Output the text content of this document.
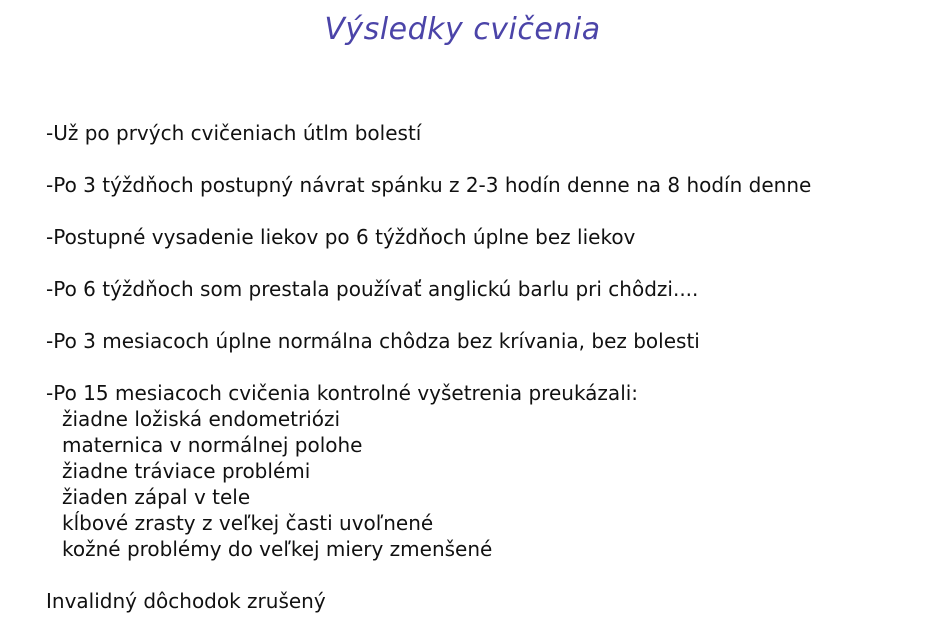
Výsledky cvičenia
-Už po prvých cvičeniach útlm bolestí
-Po 3 týždňoch postupný návrat spánku z 2-3 hodín denne na 8 hodín denne
-Postupné vysadenie liekov po 6 týždňoch úplne bez liekov
-Po 6 týždňoch som prestala používať anglickú barlu pri chôdzi....
-Po 3 mesiacoch úplne normálna chôdza bez krívania, bez bolesti
-Po 15 mesiacoch cvičenia kontrolné vyšetrenia preukázali:
žiadne ložiská endometriózi
maternica v normálnej polohe
žiadne tráviace problémi
žiaden zápal v tele
kĺbové zrasty z veľkej časti uvoľnené
kožné problémy do veľkej miery zmenšené
Invalidný dôchodok zrušený
